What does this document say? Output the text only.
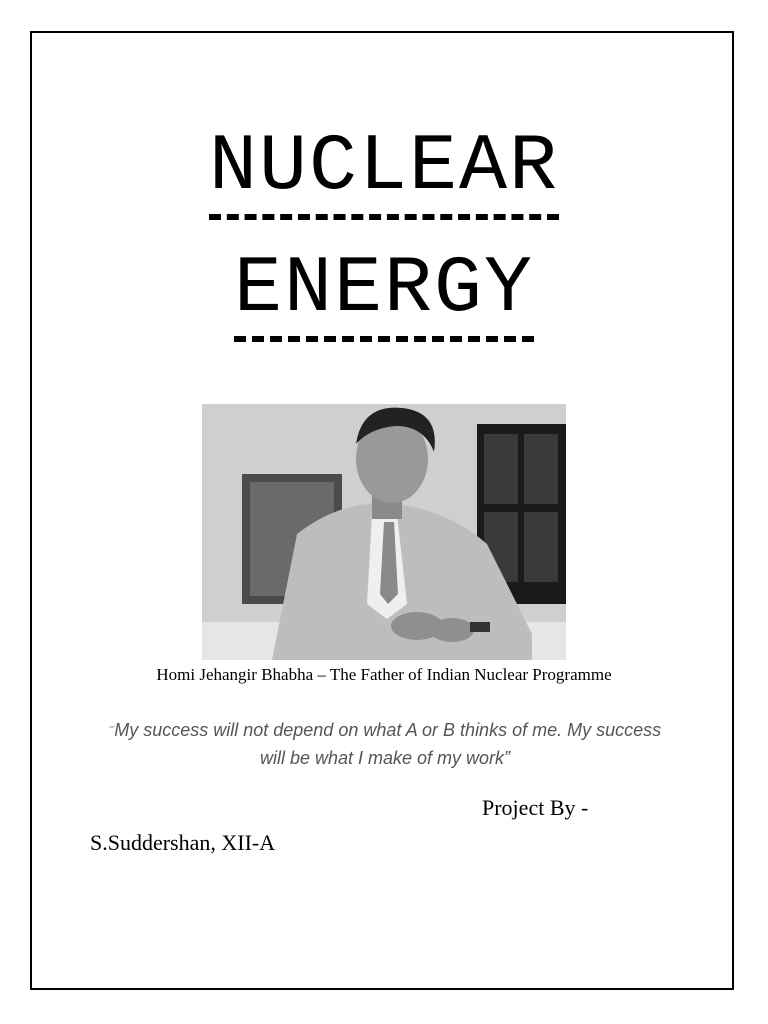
NUCLEAR
ENERGY
Homi Jehangir Bhabha – The Father of Indian Nuclear Programme
“”My success will not depend on what A or B thinks of me. My success will be what I make of my work”
Project By -
S.Suddershan, XII-A
